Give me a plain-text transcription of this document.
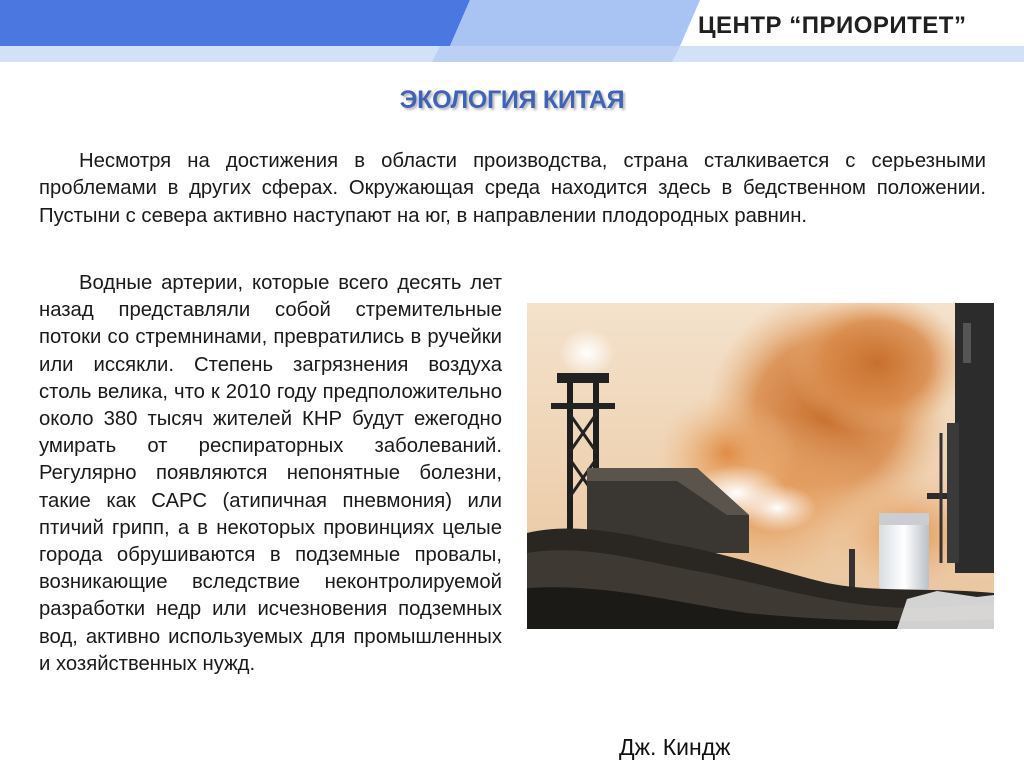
ЦЕНТР “ПРИОРИТЕТ”
ЭКОЛОГИЯ КИТАЯ

Несмотря на достижения в области производства, страна сталкивается с серьезными проблемами в других сферах. Окружающая среда находится здесь в бедственном положении. Пустыни с севера активно наступают на юг, в направлении плодородных равнин.

Водные артерии, которые всего десять лет назад представляли собой стремительные потоки со стремнинами, превратились в ручейки или иссякли. Степень загрязнения воздуха столь велика, что к 2010 году предположительно около 380 тысяч жителей КНР будут ежегодно умирать от респираторных заболеваний. Регулярно появляются непонятные болезни, такие как САРС (атипичная пневмония) или птичий грипп, а в некоторых провинциях целые города обрушиваются в подземные провалы, возникающие вследствие неконтролируемой разработки недр или исчезновения подземных вод, активно используемых для промышленных и хозяйственных нужд.

Дж. Киндж
